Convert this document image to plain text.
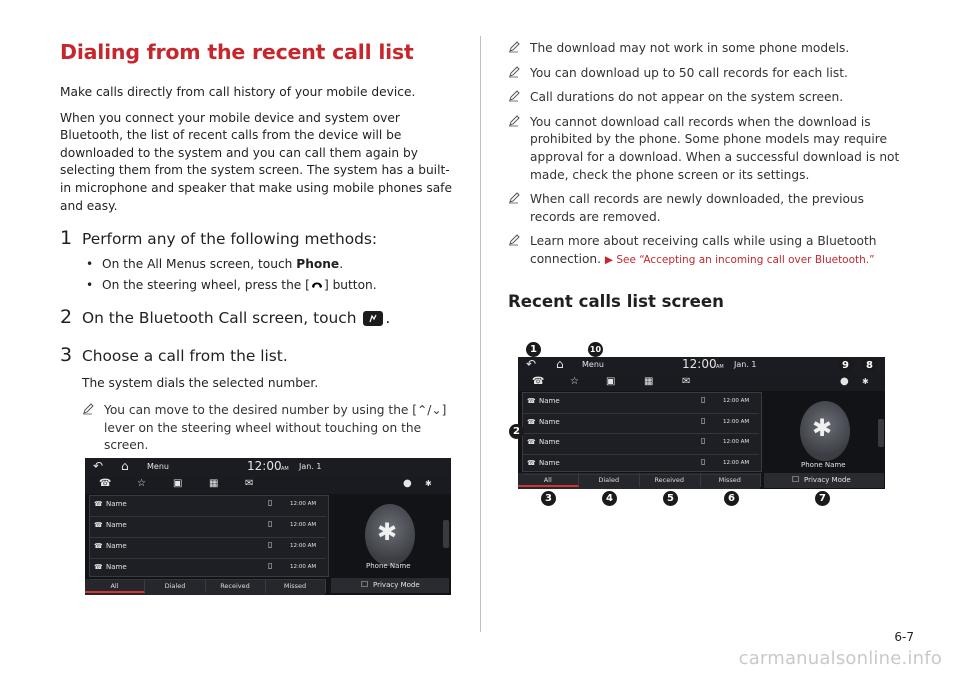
Dialing from the recent call list
Make calls directly from call history of your mobile device.
When you connect your mobile device and system over Bluetooth, the list of recent calls from the device will be downloaded to the system and you can call them again by selecting them from the system screen. The system has a built-in microphone and speaker that make using mobile phones safe and easy.
1 Perform any of the following methods:
• On the All Menus screen, touch Phone.
• On the steering wheel, press the [ ] button.
2 On the Bluetooth Call screen, touch .
3 Choose a call from the list.
The system dials the selected number.
You can move to the desired number by using the [⌃/⌄] lever on the steering wheel without touching on the screen.
↶ ⌂ Menu	12:00 AM Jan. 1
☎	☆	▣	▦	✉	● ✱
✱
Phone Name
☐ Privacy Mode
☎ Name	▯	12:00 AM
☎ Name	▯	12:00 AM
☎ Name	▯	12:00 AM
☎ Name	▯	12:00 AM
All	Dialed	Received	Missed
The download may not work in some phone models.
You can download up to 50 call records for each list.
Call durations do not appear on the system screen.
You cannot download call records when the download is prohibited by the phone. Some phone models may require approval for a download. When a successful download is not made, check the phone screen or its settings.
When call records are newly downloaded, the previous records are removed.
Learn more about receiving calls while using a Bluetooth connection. ▶ See “Accepting an incoming call over Bluetooth.”
Recent calls list screen
↶ ⌂ Menu	12:00 AM Jan. 1
☎	☆	▣	▦	✉	● ✱
✱
Phone Name
☐ Privacy Mode
☎ Name	▯	12:00 AM
☎ Name	▯	12:00 AM
☎ Name	▯	12:00 AM
☎ Name	▯	12:00 AM
All	Dialed	Received	Missed
1	10
9	8
2
3	4	5	6	7
6-7
carmanualsonline.info
